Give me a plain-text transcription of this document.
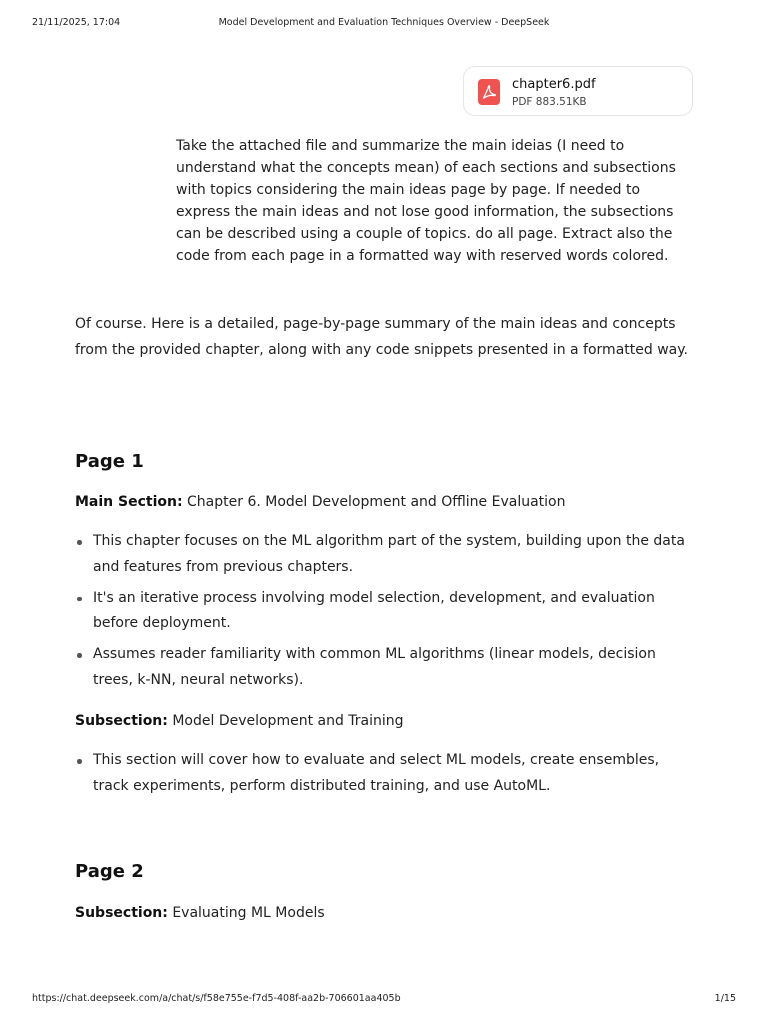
21/11/2025, 17:04	Model Development and Evaluation Techniques Overview - DeepSeek
chapter6.pdf
PDF 883.51KB
Take the attached file and summarize the main ideias (I need to understand what the concepts mean) of each sections and subsections with topics considering the main ideas page by page. If needed to express the main ideas and not lose good information, the subsections can be described using a couple of topics. do all page. Extract also the code from each page in a formatted way with reserved words colored.
Of course. Here is a detailed, page-by-page summary of the main ideas and concepts from the provided chapter, along with any code snippets presented in a formatted way.
Page 1
Main Section: Chapter 6. Model Development and Offline Evaluation
This chapter focuses on the ML algorithm part of the system, building upon the data and features from previous chapters.
It's an iterative process involving model selection, development, and evaluation before deployment.
Assumes reader familiarity with common ML algorithms (linear models, decision trees, k-NN, neural networks).
Subsection: Model Development and Training
This section will cover how to evaluate and select ML models, create ensembles, track experiments, perform distributed training, and use AutoML.
Page 2
Subsection: Evaluating ML Models
https://chat.deepseek.com/a/chat/s/f58e755e-f7d5-408f-aa2b-706601aa405b	1/15
